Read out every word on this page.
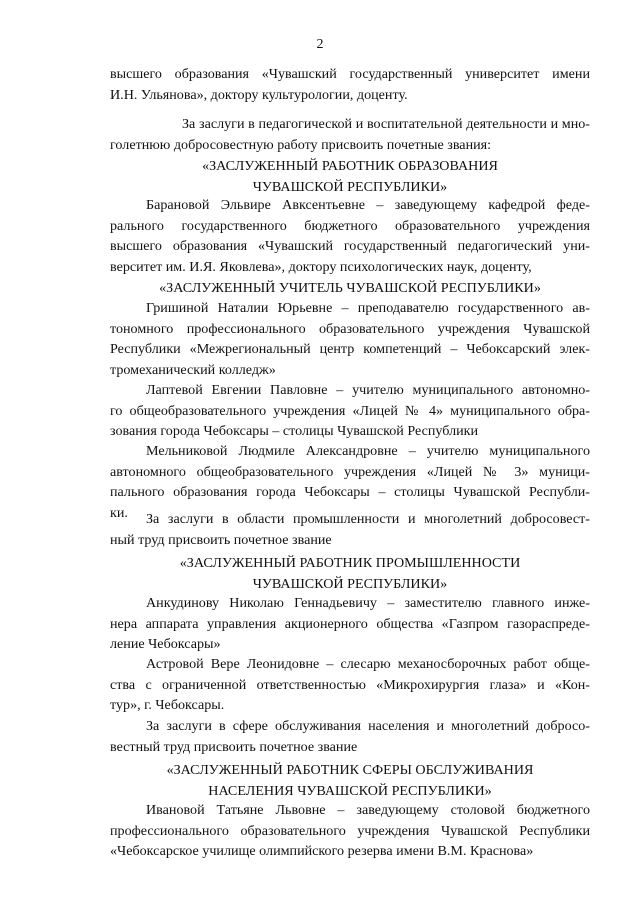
2
высшего образования «Чувашский государственный университет имени
И.Н. Ульянова», доктору культурологии, доценту.
За заслуги в педагогической и воспитательной деятельности и мно-
голетнюю добросовестную работу присвоить почетные звания:
«ЗАСЛУЖЕННЫЙ РАБОТНИК ОБРАЗОВАНИЯ
ЧУВАШСКОЙ РЕСПУБЛИКИ»
Барановой Эльвире Авксентьевне – заведующему кафедрой феде-
рального государственного бюджетного образовательного учреждения
высшего образования «Чувашский государственный педагогический уни-
верситет им. И.Я. Яковлева», доктору психологических наук, доценту,
«ЗАСЛУЖЕННЫЙ УЧИТЕЛЬ ЧУВАШСКОЙ РЕСПУБЛИКИ»
Гришиной Наталии Юрьевне – преподавателю государственного ав-
тономного профессионального образовательного учреждения Чувашской
Республики «Межрегиональный центр компетенций – Чебоксарский элек-
тромеханический колледж»
Лаптевой Евгении Павловне – учителю муниципального автономно-
го общеобразовательного учреждения «Лицей № 4» муниципального обра-
зования города Чебоксары – столицы Чувашской Республики
Мельниковой Людмиле Александровне – учителю муниципального
автономного общеобразовательного учреждения «Лицей № 3» муници-
пального образования города Чебоксары – столицы Чувашской Республи-
ки.	За заслуги в области промышленности и многолетний добросовест-
ный труд присвоить почетное звание
«ЗАСЛУЖЕННЫЙ РАБОТНИК ПРОМЫШЛЕННОСТИ
ЧУВАШСКОЙ РЕСПУБЛИКИ»
Анкудинову Николаю Геннадьевичу – заместителю главного инже-
нера аппарата управления акционерного общества «Газпром газораспреде-
ление Чебоксары»
Астровой Вере Леонидовне – слесарю механосборочных работ обще-
ства с ограниченной ответственностью «Микрохирургия глаза» и «Кон-
тур», г. Чебоксары.
За заслуги в сфере обслуживания населения и многолетний добросо-
вестный труд присвоить почетное звание
«ЗАСЛУЖЕННЫЙ РАБОТНИК СФЕРЫ ОБСЛУЖИВАНИЯ
НАСЕЛЕНИЯ ЧУВАШСКОЙ РЕСПУБЛИКИ»
Ивановой Татьяне Львовне – заведующему столовой бюджетного
профессионального образовательного учреждения Чувашской Республики
«Чебоксарское училище олимпийского резерва имени В.М. Краснова»
